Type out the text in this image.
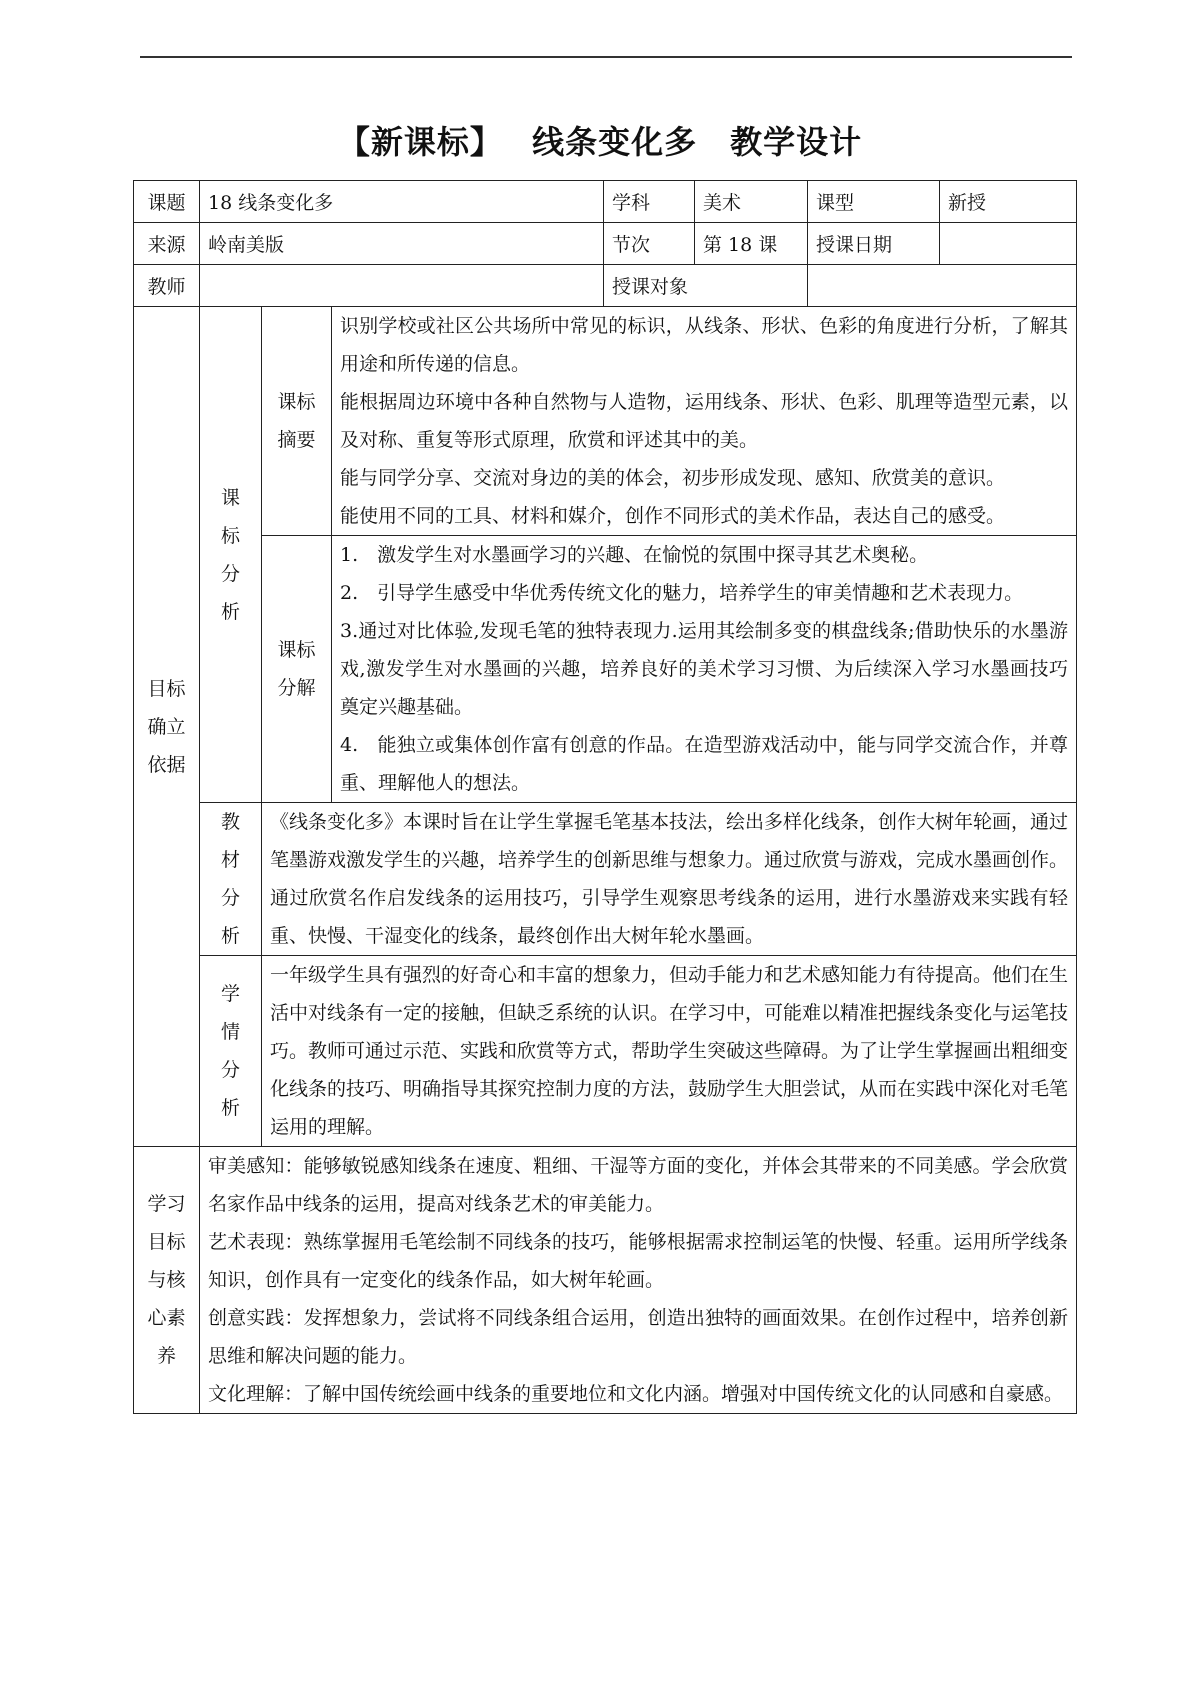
【新课标】　 线条变化多　教学设计
课题	18 线条变化多			学科	美术	课型	新授
来源	岭南美版			节次	第 18 课	授课日期	
教师				授课对象			

目标确立依据	课标分析	课标摘要	识别学校或社区公共场所中常见的标识，从线条、形状、色彩的角度进行分析，了解其用途和所传递的信息。

能根据周边环境中各种自然物与人造物，运用线条、形状、色彩、肌理等造型元素，以及对称、重复等形式原理，欣赏和评述其中的美。

能与同学分享、交流对身边的美的体会，初步形成发现、感知、欣赏美的意识。

能使用不同的工具、材料和媒介，创作不同形式的美术作品，表达自己的感受。				

		课标分解	1.　激发学生对水墨画学习的兴趣、在愉悦的氛围中探寻其艺术奥秘。

2.　引导学生感受中华优秀传统文化的魅力，培养学生的审美情趣和艺术表现力。

3.通过对比体验,发现毛笔的独特表现力.运用其绘制多变的棋盘线条;借助快乐的水墨游戏,激发学生对水墨画的兴趣，培养良好的美术学习习惯、为后续深入学习水墨画技巧奠定兴趣基础。

4.　能独立或集体创作富有创意的作品。在造型游戏活动中，能与同学交流合作，并尊重、理解他人的想法。				

	教材分析	《线条变化多》本课时旨在让学生掌握毛笔基本技法，绘出多样化线条，创作大树年轮画，通过笔墨游戏激发学生的兴趣，培养学生的创新思维与想象力。通过欣赏与游戏，完成水墨画创作。通过欣赏名作启发线条的运用技巧，引导学生观察思考线条的运用，进行水墨游戏来实践有轻重、快慢、干湿变化的线条，最终创作出大树年轮水墨画。					

	学情分析	一年级学生具有强烈的好奇心和丰富的想象力，但动手能力和艺术感知能力有待提高。他们在生活中对线条有一定的接触，但缺乏系统的认识。在学习中，可能难以精准把握线条变化与运笔技巧。教师可通过示范、实践和欣赏等方式，帮助学生突破这些障碍。为了让学生掌握画出粗细变化线条的技巧、明确指导其探究控制力度的方法，鼓励学生大胆尝试，从而在实践中深化对毛笔运用的理解。					

学习目标与核心素养	审美感知：能够敏锐感知线条在速度、粗细、干湿等方面的变化，并体会其带来的不同美感。学会欣赏名家作品中线条的运用，提高对线条艺术的审美能力。

艺术表现：熟练掌握用毛笔绘制不同线条的技巧，能够根据需求控制运笔的快慢、轻重。运用所学线条知识，创作具有一定变化的线条作品，如大树年轮画。

创意实践：发挥想象力，尝试将不同线条组合运用，创造出独特的画面效果。在创作过程中，培养创新思维和解决问题的能力。

文化理解：了解中国传统绘画中线条的重要地位和文化内涵。增强对中国传统文化的认同感和自豪感。						
